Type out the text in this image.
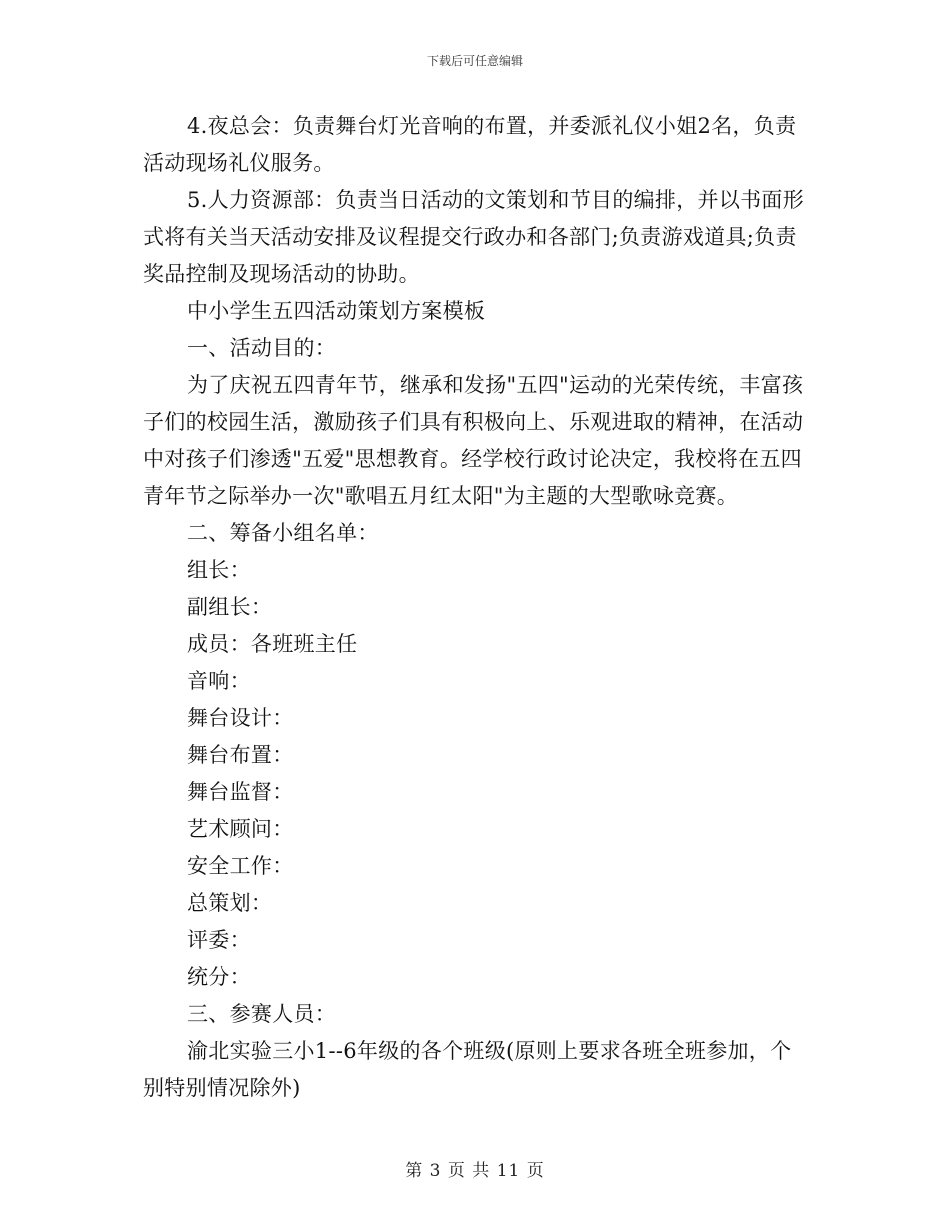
下载后可任意编辑

4.夜总会：负责舞台灯光音响的布置，并委派礼仪小姐2名，负责活动现场礼仪服务。

5.人力资源部：负责当日活动的文策划和节目的编排，并以书面形式将有关当天活动安排及议程提交行政办和各部门;负责游戏道具;负责奖品控制及现场活动的协助。

中小学生五四活动策划方案模板

一、活动目的：

为了庆祝五四青年节，继承和发扬"五四"运动的光荣传统，丰富孩子们的校园生活，激励孩子们具有积极向上、乐观进取的精神，在活动中对孩子们渗透"五爱"思想教育。经学校行政讨论决定，我校将在五四青年节之际举办一次"歌唱五月红太阳"为主题的大型歌咏竞赛。

二、筹备小组名单：

组长：

副组长：

成员：各班班主任

音响：

舞台设计：

舞台布置：

舞台监督：

艺术顾问：

安全工作：

总策划：

评委：

统分：

三、参赛人员：

渝北实验三小1--6年级的各个班级(原则上要求各班全班参加，个别特别情况除外)

第 3 页 共 11 页
